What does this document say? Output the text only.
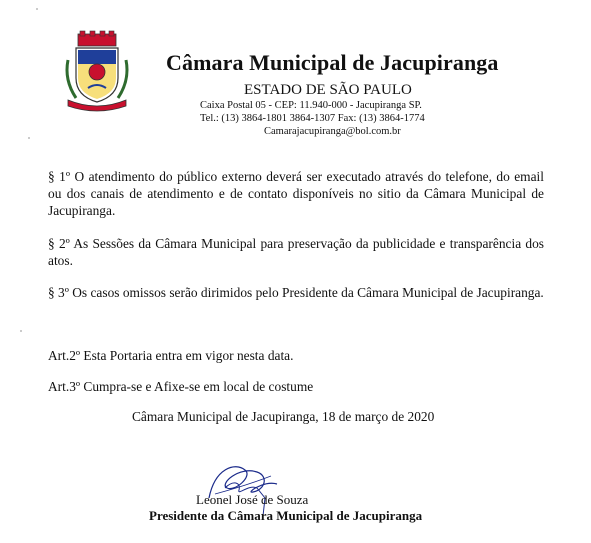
Câmara Municipal de Jacupiranga
ESTADO DE SÃO PAULO
Caixa Postal 05 - CEP: 11.940-000 - Jacupiranga SP.
Tel.: (13) 3864-1801 3864-1307 Fax: (13) 3864-1774
Camarajacupiranga@bol.com.br
§ 1º O atendimento do público externo deverá ser executado através do telefone, do email ou dos canais de atendimento e de contato disponíveis no sitio da Câmara Municipal de Jacupiranga.
§ 2º As Sessões da Câmara Municipal para preservação da publicidade e transparência dos atos.
§ 3º Os casos omissos serão dirimidos pelo Presidente da Câmara Municipal de Jacupiranga.
Art.2º Esta Portaria entra em vigor nesta data.
Art.3º Cumpra-se e Afixe-se em local de costume
Câmara Municipal de Jacupiranga, 18 de março de 2020
Leonel José de Souza
Presidente da Câmara Municipal de Jacupiranga
